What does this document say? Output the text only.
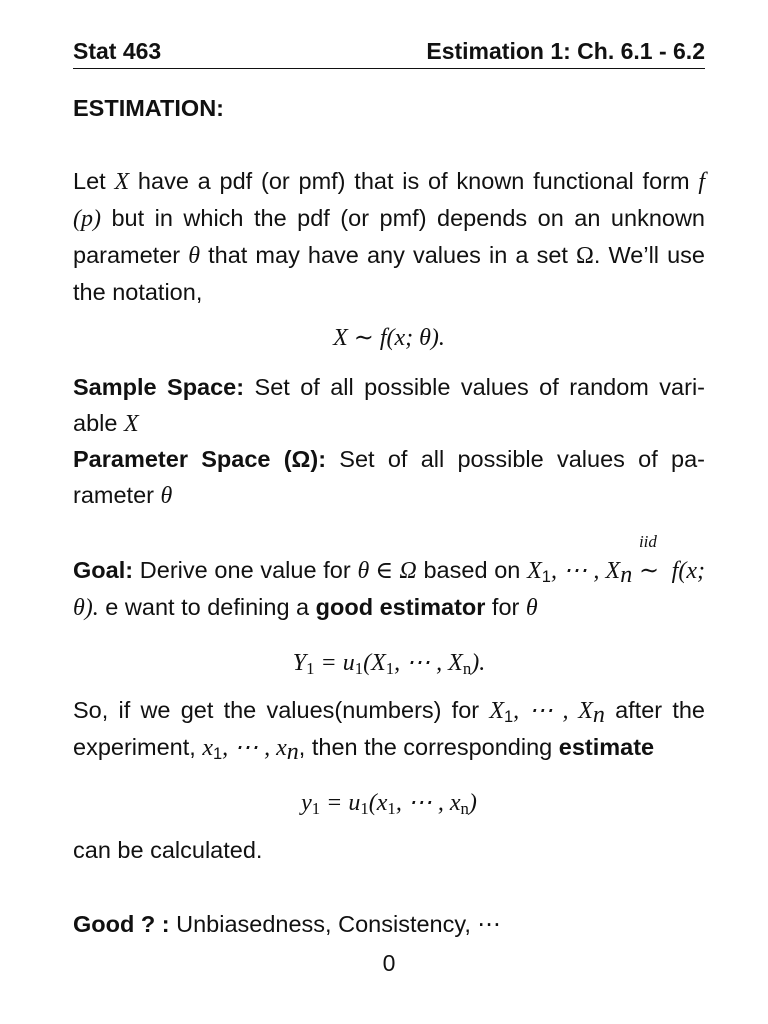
Stat 463	Estimation 1: Ch. 6.1 - 6.2
ESTIMATION:

Let X have a pdf (or pmf) that is of known functional form f (p) but in which the pdf (or pmf) depends on an unknown parameter θ that may have any values in a set Ω. We’ll use the notation,

X ∼ f(x; θ).

Sample Space: Set of all possible values of random vari-able X

Parameter Space (Ω): Set of all possible values of pa-rameter θ

Goal: Derive one value for θ ∈ Ω based on $X_1$, ⋯ , $X_n$
iid
∼ f(x; θ). e want to defining a good estimator for θ

$Y_1 = u_1(X_1$, ⋯ , $X_n$).

So, if we get the values(numbers) for $X_1$, ⋯ , $X_n$ after the experiment, $x_1$, ⋯ , $x_n$, then the corresponding estimate

$y_1 = u_1(x_1$, ⋯ , $x_n$)

can be calculated.

Good ? : Unbiasedness, Consistency, ⋯

0
